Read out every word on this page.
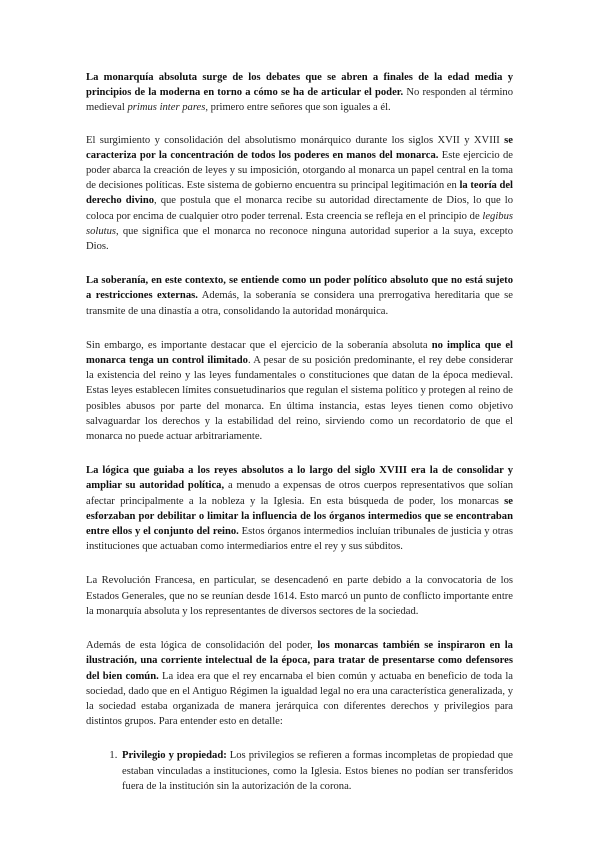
La monarquía absoluta surge de los debates que se abren a finales de la edad media y principios de la moderna en torno a cómo se ha de articular el poder. No responden al término medieval primus inter pares, primero entre señores que son iguales a él.

El surgimiento y consolidación del absolutismo monárquico durante los siglos XVII y XVIII se caracteriza por la concentración de todos los poderes en manos del monarca. Este ejercicio de poder abarca la creación de leyes y su imposición, otorgando al monarca un papel central en la toma de decisiones políticas. Este sistema de gobierno encuentra su principal legitimación en la teoría del derecho divino, que postula que el monarca recibe su autoridad directamente de Dios, lo que lo coloca por encima de cualquier otro poder terrenal. Esta creencia se refleja en el principio de legibus solutus, que significa que el monarca no reconoce ninguna autoridad superior a la suya, excepto Dios.

La soberanía, en este contexto, se entiende como un poder político absoluto que no está sujeto a restricciones externas. Además, la soberanía se considera una prerrogativa hereditaria que se transmite de una dinastía a otra, consolidando la autoridad monárquica.

Sin embargo, es importante destacar que el ejercicio de la soberanía absoluta no implica que el monarca tenga un control ilimitado. A pesar de su posición predominante, el rey debe considerar la existencia del reino y las leyes fundamentales o constituciones que datan de la época medieval. Estas leyes establecen límites consuetudinarios que regulan el sistema político y protegen al reino de posibles abusos por parte del monarca. En última instancia, estas leyes tienen como objetivo salvaguardar los derechos y la estabilidad del reino, sirviendo como un recordatorio de que el monarca no puede actuar arbitrariamente.

La lógica que guiaba a los reyes absolutos a lo largo del siglo XVIII era la de consolidar y ampliar su autoridad política, a menudo a expensas de otros cuerpos representativos que solían afectar principalmente a la nobleza y la Iglesia. En esta búsqueda de poder, los monarcas se esforzaban por debilitar o limitar la influencia de los órganos intermedios que se encontraban entre ellos y el conjunto del reino. Estos órganos intermedios incluían tribunales de justicia y otras instituciones que actuaban como intermediarios entre el rey y sus súbditos.

La Revolución Francesa, en particular, se desencadenó en parte debido a la convocatoria de los Estados Generales, que no se reunían desde 1614. Esto marcó un punto de conflicto importante entre la monarquía absoluta y los representantes de diversos sectores de la sociedad.

Además de esta lógica de consolidación del poder, los monarcas también se inspiraron en la ilustración, una corriente intelectual de la época, para tratar de presentarse como defensores del bien común. La idea era que el rey encarnaba el bien común y actuaba en beneficio de toda la sociedad, dado que en el Antiguo Régimen la igualdad legal no era una característica generalizada, y la sociedad estaba organizada de manera jerárquica con diferentes derechos y privilegios para distintos grupos. Para entender esto en detalle:

1. Privilegio y propiedad: Los privilegios se refieren a formas incompletas de propiedad que estaban vinculadas a instituciones, como la Iglesia. Estos bienes no podían ser transferidos fuera de la institución sin la autorización de la corona.
